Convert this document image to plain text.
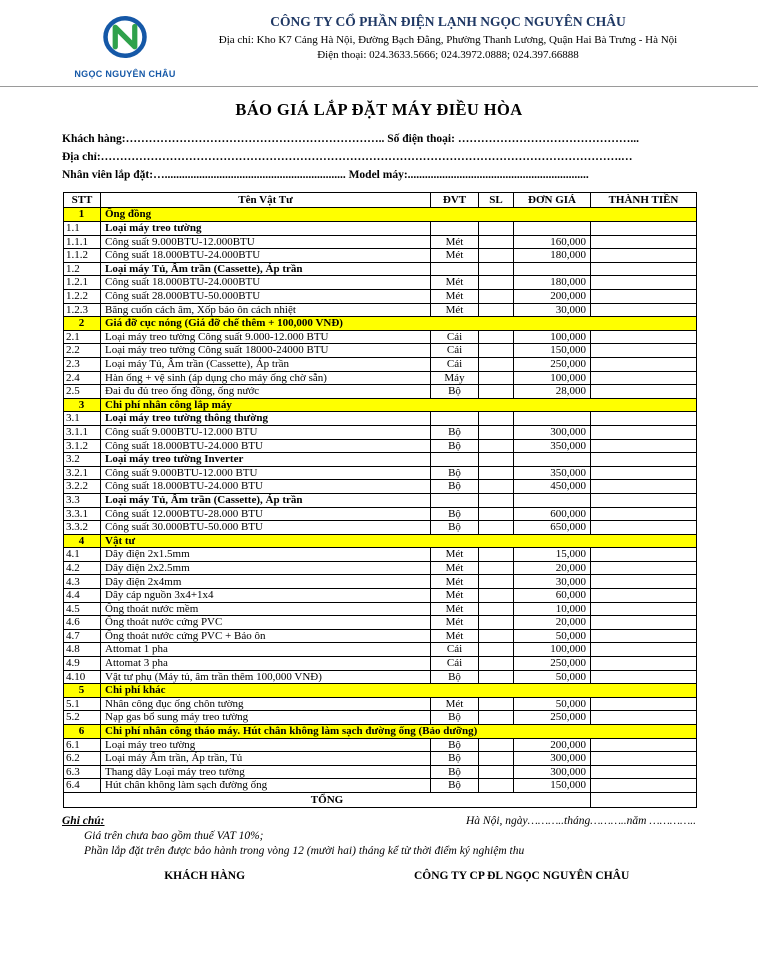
NGỌC NGUYÊN CHÂU
CÔNG TY CỔ PHẦN ĐIỆN LẠNH NGỌC NGUYÊN CHÂU
Địa chỉ: Kho K7 Cảng Hà Nội, Đường Bạch Đằng, Phường Thanh Lương, Quận Hai Bà Trưng - Hà Nội
Điện thoại: 024.3633.5666; 024.3972.0888; 024.397.66888
BÁO GIÁ LẮP ĐẶT MÁY ĐIỀU HÒA
Khách hàng:………………………………………………………….. Số điện thoại: ………………………………………...
Địa chỉ:……………………………………………………………………………………………………………………….…
Nhân viên lắp đặt:…............................................................... Model máy:...............................................................
STT	Tên Vật Tư	ĐVT	SL	ĐƠN GIÁ	THÀNH TIỀN
1	Ống đồng				
1.1	Loại máy treo tường				
1.1.1	Công suất 9.000BTU-12.000BTU	Mét		160,000	
1.1.2	Công suất 18.000BTU-24.000BTU	Mét		180,000	
1.2	Loại máy Tủ, Âm trần (Cassette), Áp trần				
1.2.1	Công suất 18.000BTU-24.000BTU	Mét		180,000	
1.2.2	Công suất 28.000BTU-50.000BTU	Mét		200,000	
1.2.3	Băng cuốn cách âm, Xốp bảo ôn cách nhiệt	Mét		30,000	
2	Giá đỡ cục nóng (Giá đỡ chế thêm + 100,000 VNĐ)				
2.1	Loại máy treo tường Công suất 9.000-12.000 BTU	Cái		100,000	
2.2	Loại máy treo tường Công suất 18000-24000 BTU	Cái		150,000	
2.3	Loại máy Tủ, Âm trần (Cassette), Áp trần	Cái		250,000	
2.4	Hàn ống + vệ sinh (áp dụng cho máy ống chờ sẵn)	Máy		100,000	
2.5	Đai đu đủ treo ống đồng, ống nước	Bộ		28,000	
3	Chi phí nhân công lắp máy				
3.1	Loại máy treo tường thông thường				
3.1.1	Công suất 9.000BTU-12.000 BTU	Bộ		300,000	
3.1.2	Công suất 18.000BTU-24.000 BTU	Bộ		350,000	
3.2	Loại máy treo tường Inverter				
3.2.1	Công suất 9.000BTU-12.000 BTU	Bộ		350,000	
3.2.2	Công suất 18.000BTU-24.000 BTU	Bộ		450,000	
3.3	Loại máy Tủ, Âm trần (Cassette), Áp trần				
3.3.1	Công suất 12.000BTU-28.000 BTU	Bộ		600,000	
3.3.2	Công suất 30.000BTU-50.000 BTU	Bộ		650,000	
4	Vật tư				
4.1	Dây điện 2x1.5mm	Mét		15,000	
4.2	Dây điện 2x2.5mm	Mét		20,000	
4.3	Dây điện 2x4mm	Mét		30,000	
4.4	Dây cáp nguồn 3x4+1x4	Mét		60,000	
4.5	Ống thoát nước mềm	Mét		10,000	
4.6	Ống thoát nước cứng PVC	Mét		20,000	
4.7	Ống thoát nước cứng PVC + Bảo ôn	Mét		50,000	
4.8	Attomat 1 pha	Cái		100,000	
4.9	Attomat 3 pha	Cái		250,000	
4.10	Vật tư phụ (Máy tủ, âm trần thêm 100,000 VNĐ)	Bộ		50,000	
5	Chi phí khác				
5.1	Nhân công đục ống chôn tường	Mét		50,000	
5.2	Nạp gas bổ sung máy treo tường	Bộ		250,000	
6	Chi phí nhân công tháo máy. Hút chân không làm sạch đường ống (Bảo dưỡng)				
6.1	Loại máy treo tường	Bộ		200,000	
6.2	Loại máy Âm trần, Áp trần, Tủ	Bộ		300,000	
6.3	Thang dây Loại máy treo tường	Bộ		300,000	
6.4	Hút chân không làm sạch đường ống	Bộ		150,000	
TỔNG					
Ghi chú:	Hà Nội, ngày………..tháng………..năm …………..
Giá trên chưa bao gồm thuế VAT 10%;
Phần lắp đặt trên được bảo hành trong vòng 12 (mười hai) tháng kể từ thời điểm ký nghiệm thu
KHÁCH HÀNG	CÔNG TY CP ĐL NGỌC NGUYÊN CHÂU
